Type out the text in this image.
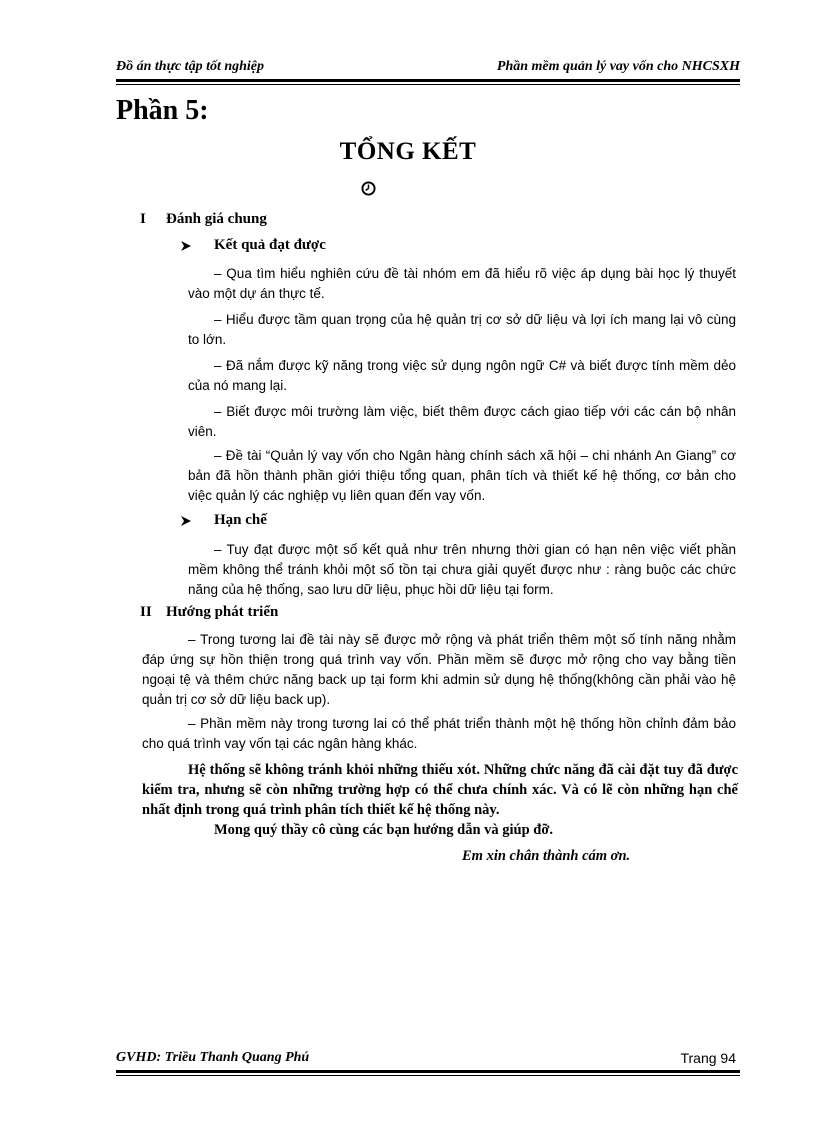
Đồ án thực tập tốt nghiệp	Phần mềm quản lý vay vốn cho NHCSXH
Phần 5:
TỔNG KẾT
I Đánh giá chung
Kết quả đạt được
– Qua tìm hiểu nghiên cứu đề tài nhóm em đã hiểu rõ việc áp dụng bài học lý thuyết vào một dự án thực tế.
– Hiểu được tầm quan trọng của hệ quản trị cơ sở dữ liệu và lợi ích mang lại vô cùng to lớn.
– Đã nắm được kỹ năng trong việc sử dụng ngôn ngữ C# và biết được tính mềm dẻo của nó mang lại.
– Biết được môi trường làm việc, biết thêm được cách giao tiếp với các cán bộ nhân viên.
– Đề tài “Quản lý vay vốn cho Ngân hàng chính sách xã hội – chi nhánh An Giang” cơ bản đã hồn thành phần giới thiệu tổng quan, phân tích và thiết kế hệ thống, cơ bản cho việc quản lý các nghiệp vụ liên quan đến vay vốn.
Hạn chế
– Tuy đạt được một số kết quả như trên nhưng thời gian có hạn nên việc viết phần mềm không thể tránh khỏi một số tồn tại chưa giải quyết được như : ràng buộc các chức năng của hệ thống, sao lưu dữ liệu, phục hồi dữ liệu tại form.
II Hướng phát triển
– Trong tương lai đề tài này sẽ được mở rộng và phát triển thêm một số tính năng nhằm đáp ứng sự hồn thiện trong quá trình vay vốn. Phần mềm sẽ được mở rộng cho vay bằng tiền ngoại tệ và thêm chức năng back up tại form khi admin sử dụng hệ thống(không cần phải vào hệ quản trị cơ sở dữ liệu back up).
– Phần mềm này trong tương lai có thể phát triển thành một hệ thống hồn chỉnh đảm bảo cho quá trình vay vốn tại các ngân hàng khác.
Hệ thống sẽ không tránh khỏi những thiếu xót. Những chức năng đã cài đặt tuy đã được kiểm tra, nhưng sẽ còn những trường hợp có thể chưa chính xác. Và có lẽ còn những hạn chế nhất định trong quá trình phân tích thiết kế hệ thống này.
Mong quý thầy cô cùng các bạn hướng dẫn và giúp đỡ.
Em xin chân thành cám ơn.
GVHD: Triều Thanh Quang Phú	Trang 94
